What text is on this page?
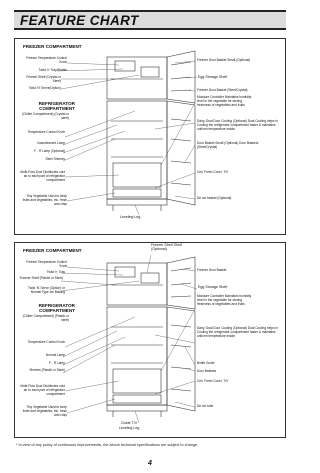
FEATURE CHART
FREEZER COMPARTMENT
Freezer Temperature Control Knob
Twist 'n' Tray/Rotate
Freezer Shelf (Crystal or Steel)
Twist 'N' Serve(Option)
REFRIGERATOR COMPARTMENT
(Chiller Compartment) (Crystal or steel)
Temperature Control Knob
Incandescent Lamp
F - R Lamp (Optional)
Steel Shelves
Multi-Flow Duct Distributes cold air to each part of refrigerator compartment
Tiny Vegetable Used to keep fruits and vegetables, etc. fresh and crisp
Leveling Leg
Freezer Door Basket Small (Optional)
Egg Storage Shelf
Freezer Door Basket (Steel/Crystal)
Moisture Controller Maintains humidity level in the vegetable for storing freshness of vegetables and fruits.
Dairy, Dual Door Cooling (Optional) Dual Cooling helps in Cooling the refrigerator compartment faster & maintains uniform temperature inside.
Door Basket Small (Optional) Door Baskets (Steel/Crystal)
Ceil. Fresh Cover, T/V
De-ice basket (Optional)
FREEZER COMPARTMENT
Freezer Shelf Shelf (Optional)
Freezer Temperature Control Knob
Twist 'n' Tray
Freezer Shelf (Plastic or Steel)
Twist 'N' Serve (Option) or Normal Type Ice Making
REFRIGERATOR COMPARTMENT
(Chiller Compartment) (Plastic or steel)
Temperature Control Knob
Normal Lamp
F - R Lamp
Shelves (Plastic or Steel)
Multi-Flow Duct Distributes cold air to each part of refrigerator compartment
Tiny Vegetable Used to keep fruits and vegetables, etc. fresh and crisp
Guide T/V
Leveling Leg
Freezer Door Basket
Egg Storage Shelf
Moisture Controller Maintains humidity level in the vegetable for storing freshness of vegetables and fruits
Dairy, Dual Door Cooling (Optional) Dual Cooling helps in Cooling the refrigerator compartment faster & maintains uniform temperature inside.
Bottle Guide
Door Baskets
Ceil. Fresh Cover, T/V
De-ice tube
* In view of any policy of continuous improvements, the above technical specifications are subject to change.
4
